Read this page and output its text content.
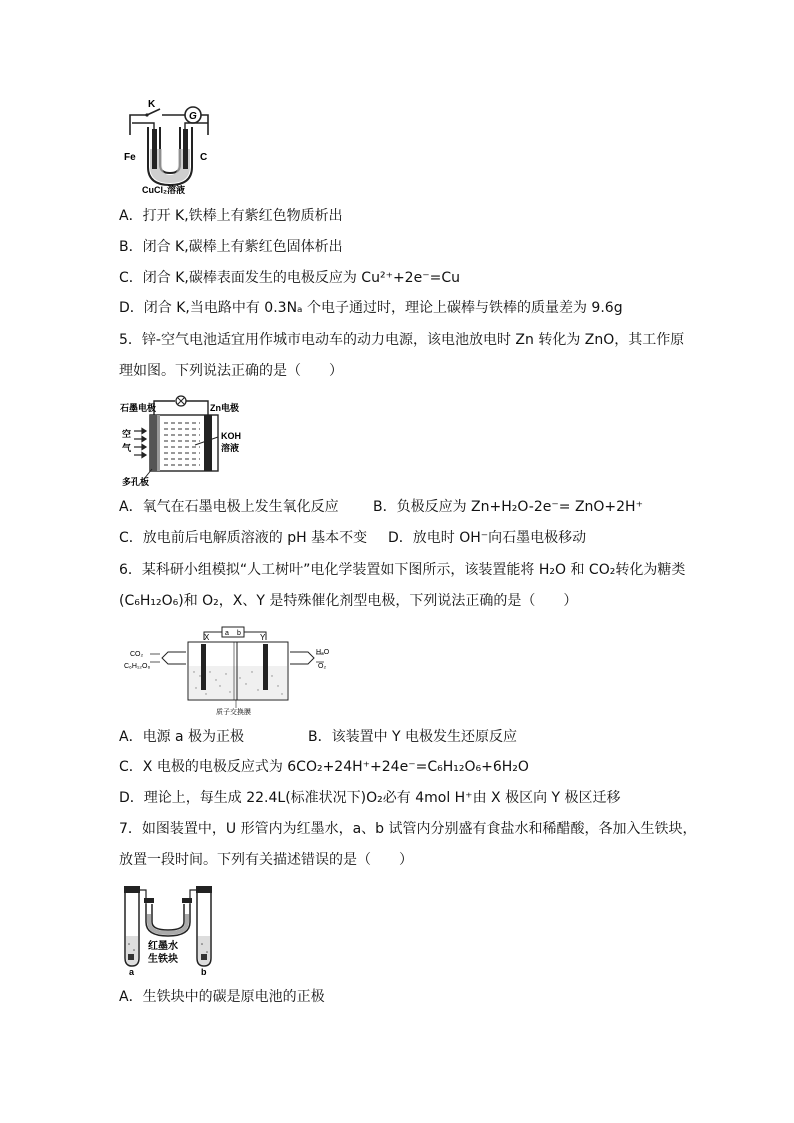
K
G
Fe	C
CuCl₂溶液
A．打开 K,铁棒上有紫红色物质析出
B．闭合 K,碳棒上有紫红色固体析出
C．闭合 K,碳棒表面发生的电极反应为 Cu²⁺+2e⁻=Cu
D．闭合 K,当电路中有 0.3Nₐ 个电子通过时，理论上碳棒与铁棒的质量差为 9.6g
5．锌-空气电池适宜用作城市电动车的动力电源，该电池放电时 Zn 转化为 ZnO，其工作原
理如图。下列说法正确的是（　　）
石墨电极	Zn电极
空
气
KOH
溶液
多孔板
A．氧气在石墨电极上发生氧化反应 B．负极反应为 Zn+H₂O-2e⁻= ZnO+2H⁺
C．放电前后电解质溶液的 pH 基本不变 D．放电时 OH⁻向石墨电极移动
6．某科研小组模拟“人工树叶”电化学装置如下图所示，该装置能将 H₂O 和 CO₂转化为糖类
(C₆H₁₂O₆)和 O₂，X、Y 是特殊催化剂型电极，下列说法正确的是（　　）
X	Y
a b
CO₂
C₆H₁₂O₆
H₂O
O₂
质子交换膜
A．电源 a 极为正极	B．该装置中 Y 电极发生还原反应
C．X 电极的电极反应式为 6CO₂+24H⁺+24e⁻=C₆H₁₂O₆+6H₂O
D．理论上，每生成 22.4L(标准状况下)O₂必有 4mol H⁺由 X 极区向 Y 极区迁移
7．如图装置中，U 形管内为红墨水，a、b 试管内分别盛有食盐水和稀醋酸，各加入生铁块，
放置一段时间。下列有关描述错误的是（　　）
红墨水
生铁块
a	b
A．生铁块中的碳是原电池的正极
